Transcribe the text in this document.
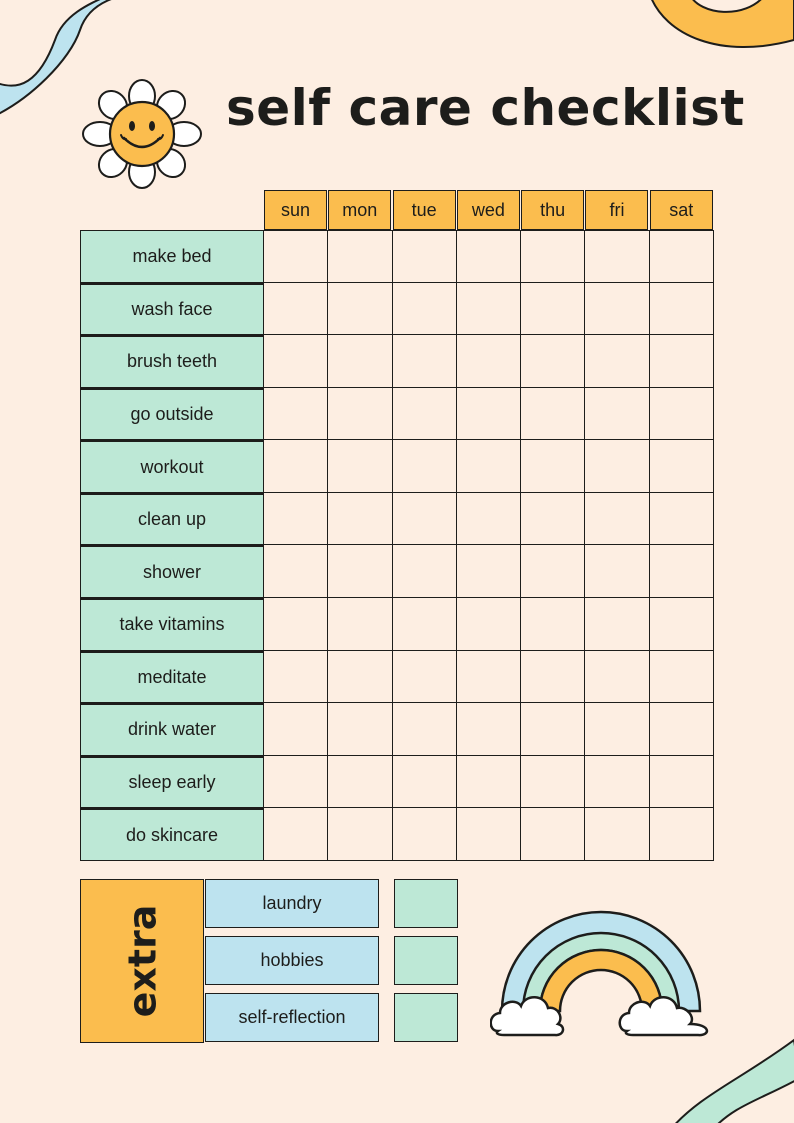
self care checklist
sun	mon	tue	wed	thu	fri	sat
make bed
wash face
brush teeth
go outside
workout
clean up
shower
take vitamins
meditate
drink water
sleep early
do skincare
extra
laundry
hobbies
self-reflection
